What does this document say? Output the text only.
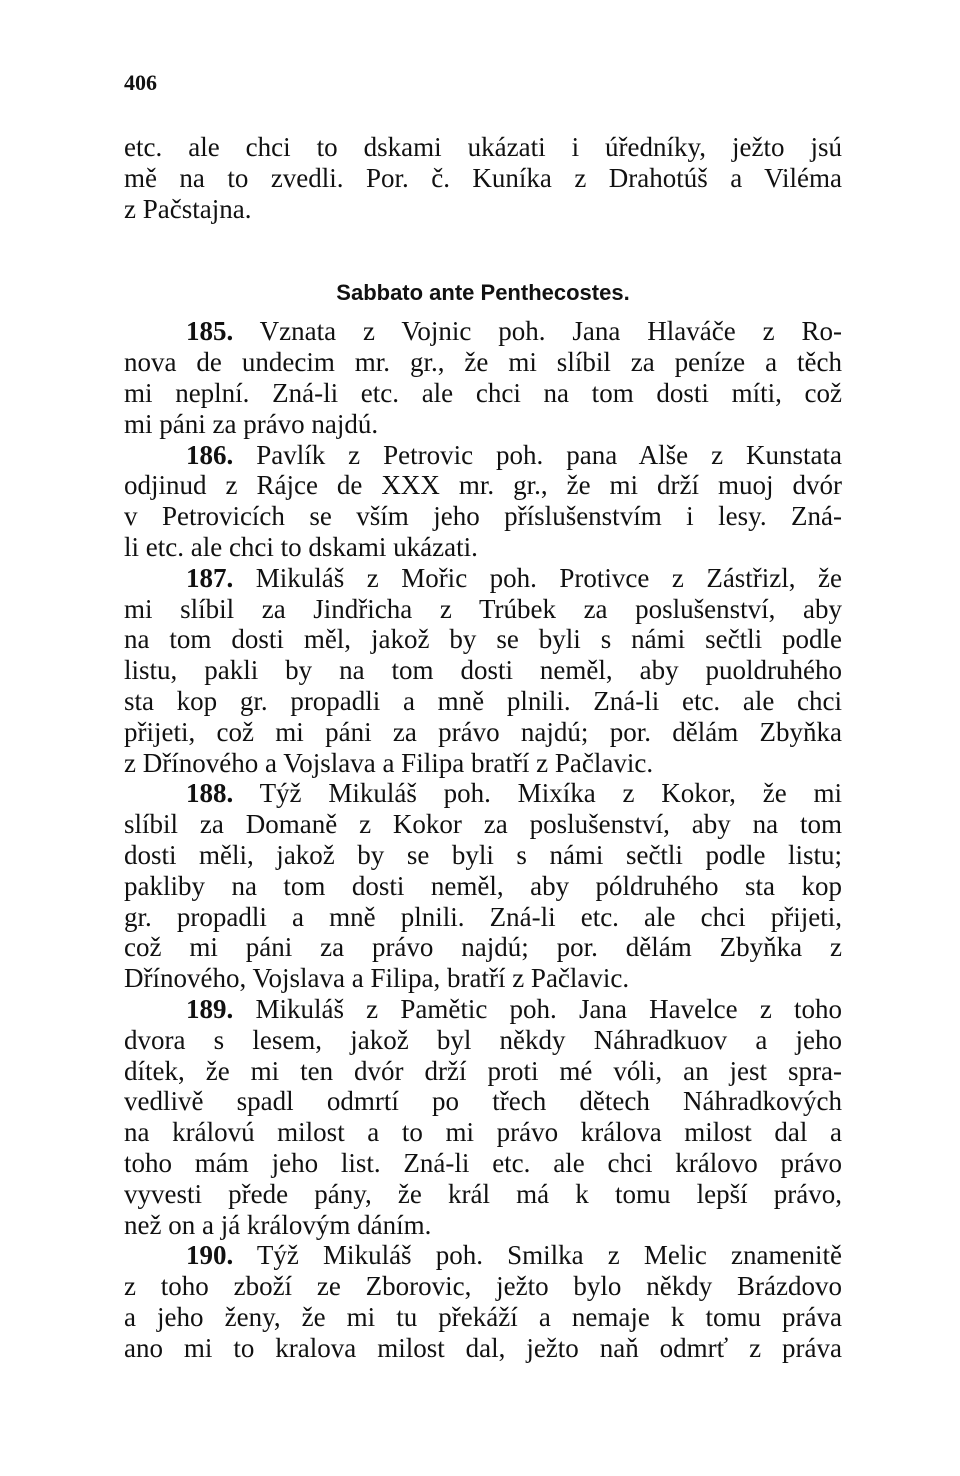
406
etc. ale chci to dskami ukázati i úředníky, ježto jsú
mě na to zvedli. Por. č. Kuníka z Drahotúš a Viléma
z Pačstajna.
Sabbato ante Penthecostes.
185. Vznata z Vojnic poh. Jana Hlaváče z Ro-
nova de undecim mr. gr., že mi slíbil za peníze a těch
mi neplní. Zná-li etc. ale chci na tom dosti míti, což
mi páni za právo najdú.
186. Pavlík z Petrovic poh. pana Alše z Kunstata
odjinud z Rájce de XXX mr. gr., že mi drží muoj dvór
v Petrovicích se vším jeho příslušenstvím i lesy. Zná-
li etc. ale chci to dskami ukázati.
187. Mikuláš z Mořic poh. Protivce z Zástřizl, že
mi slíbil za Jindřicha z Trúbek za poslušenství, aby
na tom dosti měl, jakož by se byli s námi sečtli podle
listu, pakli by na tom dosti neměl, aby puoldruhého
sta kop gr. propadli a mně plnili. Zná-li etc. ale chci
přijeti, což mi páni za právo najdú; por. dělám Zbyňka
z Dřínového a Vojslava a Filipa bratří z Pačlavic.
188. Týž Mikuláš poh. Mixíka z Kokor, že mi
slíbil za Domaně z Kokor za poslušenství, aby na tom
dosti měli, jakož by se byli s námi sečtli podle listu;
pakliby na tom dosti neměl, aby póldruhého sta kop
gr. propadli a mně plnili. Zná-li etc. ale chci přijeti,
což mi páni za právo najdú; por. dělám Zbyňka z
Dřínového, Vojslava a Filipa, bratří z Pačlavic.
189. Mikuláš z Pamětic poh. Jana Havelce z toho
dvora s lesem, jakož byl někdy Náhradkuov a jeho
dítek, že mi ten dvór drží proti mé vóli, an jest spra-
vedlivě spadl odmrtí po třech dětech Náhradkových
na královú milost a to mi právo králova milost dal a
toho mám jeho list. Zná-li etc. ale chci královo právo
vyvesti přede pány, že král má k tomu lepší právo,
než on a já královým dáním.
190. Týž Mikuláš poh. Smilka z Melic znamenitě
z toho zboží ze Zborovic, ježto bylo někdy Brázdovo
a jeho ženy, že mi tu překáží a nemaje k tomu práva
ano mi to kralova milost dal, ježto naň odmrť z práva
